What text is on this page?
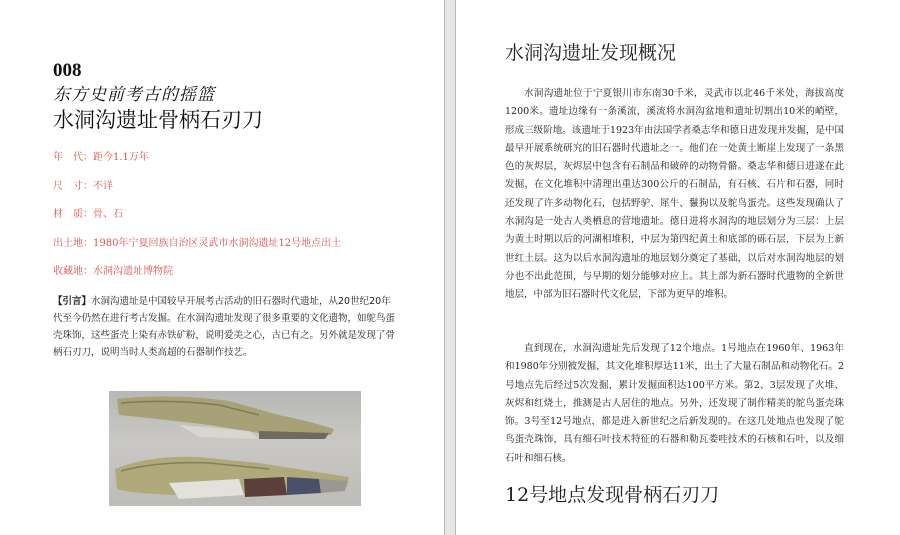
008
东方史前考古的摇篮
水洞沟遗址骨柄石刃刀
年　代：距今1.1万年
尺　寸：不详
材　质：骨、石
出土地：1980年宁夏回族自治区灵武市水洞沟遗址12号地点出土
收藏地：水洞沟遗址博物院
【引言】水洞沟遗址是中国较早开展考古活动的旧石器时代遗址，从20世纪20年代至今仍然在进行考古发掘。在水洞沟遗址发现了很多重要的文化遗物，如鸵鸟蛋壳珠饰，这些蛋壳上染有赤铁矿粉，说明爱美之心，古已有之。另外就是发现了骨柄石刃刀，说明当时人类高超的石器制作技艺。
水洞沟遗址发现概况
水洞沟遗址位于宁夏银川市东南30千米，灵武市以北46千米处，海拔高度1200米。遗址边缘有一条溪流，溪流将水洞沟盆地和遗址切割出10米的峭壁，形成三级阶地。该遗址于1923年由法国学者桑志华和德日进发现并发掘，是中国最早开展系统研究的旧石器时代遗址之一。他们在一处黄土断崖上发现了一条黑色的灰烬层，灰烬层中包含有石制品和破碎的动物骨骼。桑志华和德日进遂在此发掘，在文化堆积中清理出重达300公斤的石制品，有石核、石片和石器，同时还发现了许多动物化石，包括野驴、犀牛、鬣狗以及鸵鸟蛋壳。这些发现确认了水洞沟是一处古人类栖息的营地遗址。德日进将水洞沟的地层划分为三层：上层为黄土时期以后的河湖相堆积，中层为第四纪黄土和底部的砾石层，下层为上新世红土层。这为以后水洞沟遗址的地层划分奠定了基础，以后对水洞沟地层的划分也不出此范围，与早期的划分能够对应上。其上部为新石器时代遗物的全新世地层，中部为旧石器时代文化层，下部为更早的堆积。
直到现在，水洞沟遗址先后发现了12个地点。1号地点在1960年、1963年和1980年分别被发掘，其文化堆积厚达11米，出土了大量石制品和动物化石。2号地点先后经过5次发掘，累计发掘面积达100平方米。第2、3层发现了火堆、灰烬和红烧土，推测是古人居住的地点。另外，还发现了制作精美的鸵鸟蛋壳珠饰。3号至12号地点，都是进入新世纪之后新发现的。在这几处地点也发现了鸵鸟蛋壳珠饰，具有细石叶技术特征的石器和勒瓦娄哇技术的石核和石叶，以及细石叶和细石核。
12号地点发现骨柄石刃刀
